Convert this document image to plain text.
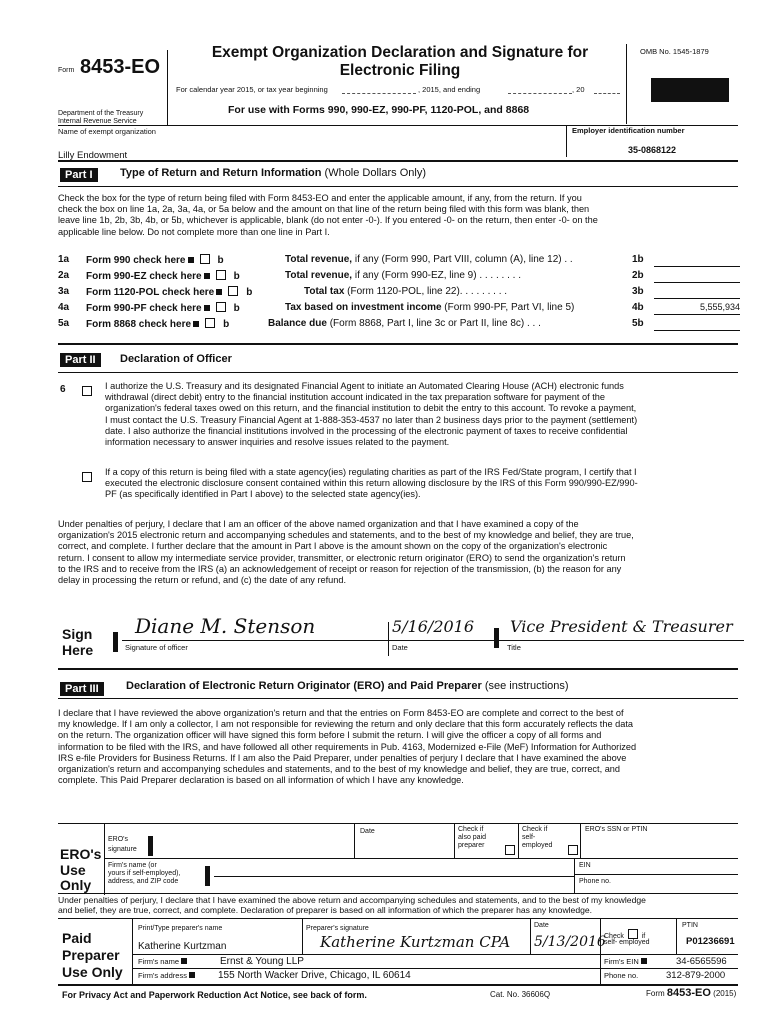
Form 8453-EO
Exempt Organization Declaration and Signature for
Electronic Filing
For calendar year 2015, or tax year beginning	, 2015, and ending	, 20
For use with Forms 990, 990-EZ, 990-PF, 1120-POL, and 8868
Department of the Treasury
Internal Revenue Service
OMB No. 1545-1879
Name of exempt organization	Employer identification number
Lilly Endowment	35-0868122
Part I	Type of Return and Return Information (Whole Dollars Only)
Check the box for the type of return being filed with Form 8453-EO and enter the applicable amount, if any, from the return. If you
check the box on line 1a, 2a, 3a, 4a, or 5a below and the amount on that line of the return being filed with this form was blank, then
leave line 1b, 2b, 3b, 4b, or 5b, whichever is applicable, blank (do not enter -0-). If you entered -0- on the return, then enter -0- on the
applicable line below. Do not complete more than one line in Part I.
1a Form 990 check here	b	Total revenue, if any (Form 990, Part VIII, column (A), line 12) . .	1b
2a Form 990-EZ check here	b	Total revenue, if any (Form 990-EZ, line 9) . . . . . . . .	2b
3a Form 1120-POL check here	b	Total tax (Form 1120-POL, line 22). . . . . . . . .	3b
4a Form 990-PF check here	b	Tax based on investment income (Form 990-PF, Part VI, line 5)	4b	5,555,934
5a Form 8868 check here	b	Balance due (Form 8868, Part I, line 3c or Part II, line 8c) . . .	5b
Part II	Declaration of Officer
6	I authorize the U.S. Treasury and its designated Financial Agent to initiate an Automated Clearing House (ACH) electronic funds
withdrawal (direct debit) entry to the financial institution account indicated in the tax preparation software for payment of the
organization's federal taxes owed on this return, and the financial institution to debit the entry to this account. To revoke a payment,
I must contact the U.S. Treasury Financial Agent at 1-888-353-4537 no later than 2 business days prior to the payment (settlement)
date. I also authorize the financial institutions involved in the processing of the electronic payment of taxes to receive confidential
information necessary to answer inquiries and resolve issues related to the payment.
If a copy of this return is being filed with a state agency(ies) regulating charities as part of the IRS Fed/State program, I certify that I
executed the electronic disclosure consent contained within this return allowing disclosure by the IRS of this Form 990/990-EZ/990-
PF (as specifically identified in Part I above) to the selected state agency(ies).
Under penalties of perjury, I declare that I am an officer of the above named organization and that I have examined a copy of the
organization's 2015 electronic return and accompanying schedules and statements, and to the best of my knowledge and belief, they are true,
correct, and complete. I further declare that the amount in Part I above is the amount shown on the copy of the organization's electronic
return. I consent to allow my intermediate service provider, transmitter, or electronic return originator (ERO) to send the organization's return
to the IRS and to receive from the IRS (a) an acknowledgement of receipt or reason for rejection of the transmission, (b) the reason for any
delay in processing the return or refund, and (c) the date of any refund.
Sign
Here
Diane M. Stenson
Signature of officer
5/16/2016
Date
Vice President & Treasurer
Title
Part III	Declaration of Electronic Return Originator (ERO) and Paid Preparer (see instructions)
I declare that I have reviewed the above organization's return and that the entries on Form 8453-EO are complete and correct to the best of
my knowledge. If I am only a collector, I am not responsible for reviewing the return and only declare that this form accurately reflects the data
on the return. The organization officer will have signed this form before I submit the return. I will give the officer a copy of all forms and
information to be filed with the IRS, and have followed all other requirements in Pub. 4163, Modernized e-File (MeF) Information for Authorized
IRS e-file Providers for Business Returns. If I am also the Paid Preparer, under penalties of perjury I declare that I have examined the above
organization's return and accompanying schedules and statements, and to the best of my knowledge and belief, they are true, correct, and
complete. This Paid Preparer declaration is based on all information of which I have any knowledge.
ERO's
Use
Only
ERO's
signature
Date	Check if
also paid
preparer
Check if
self-
employed
ERO's SSN or PTIN
Firm's name (or
yours if self-employed),
address, and ZIP code
EIN
Phone no.
Under penalties of perjury, I declare that I have examined the above return and accompanying schedules and statements, and to the best of my knowledge
and belief, they are true, correct, and complete. Declaration of preparer is based on all information of which the preparer has any knowledge.
Paid
Preparer
Use Only
Print/Type preparer's name
Katherine Kurtzman
Preparer's signature
Katherine Kurtzman CPA
Date
5/13/2016
Check	if
self- employed
PTIN
P01236691
Firm's name	Ernst & Young LLP	Firm's EIN	34-6565596
Firm's address	155 North Wacker Drive, Chicago, IL 60614	Phone no.	312-879-2000
For Privacy Act and Paperwork Reduction Act Notice, see back of form.	Cat. No. 36606Q	Form 8453-EO (2015)
